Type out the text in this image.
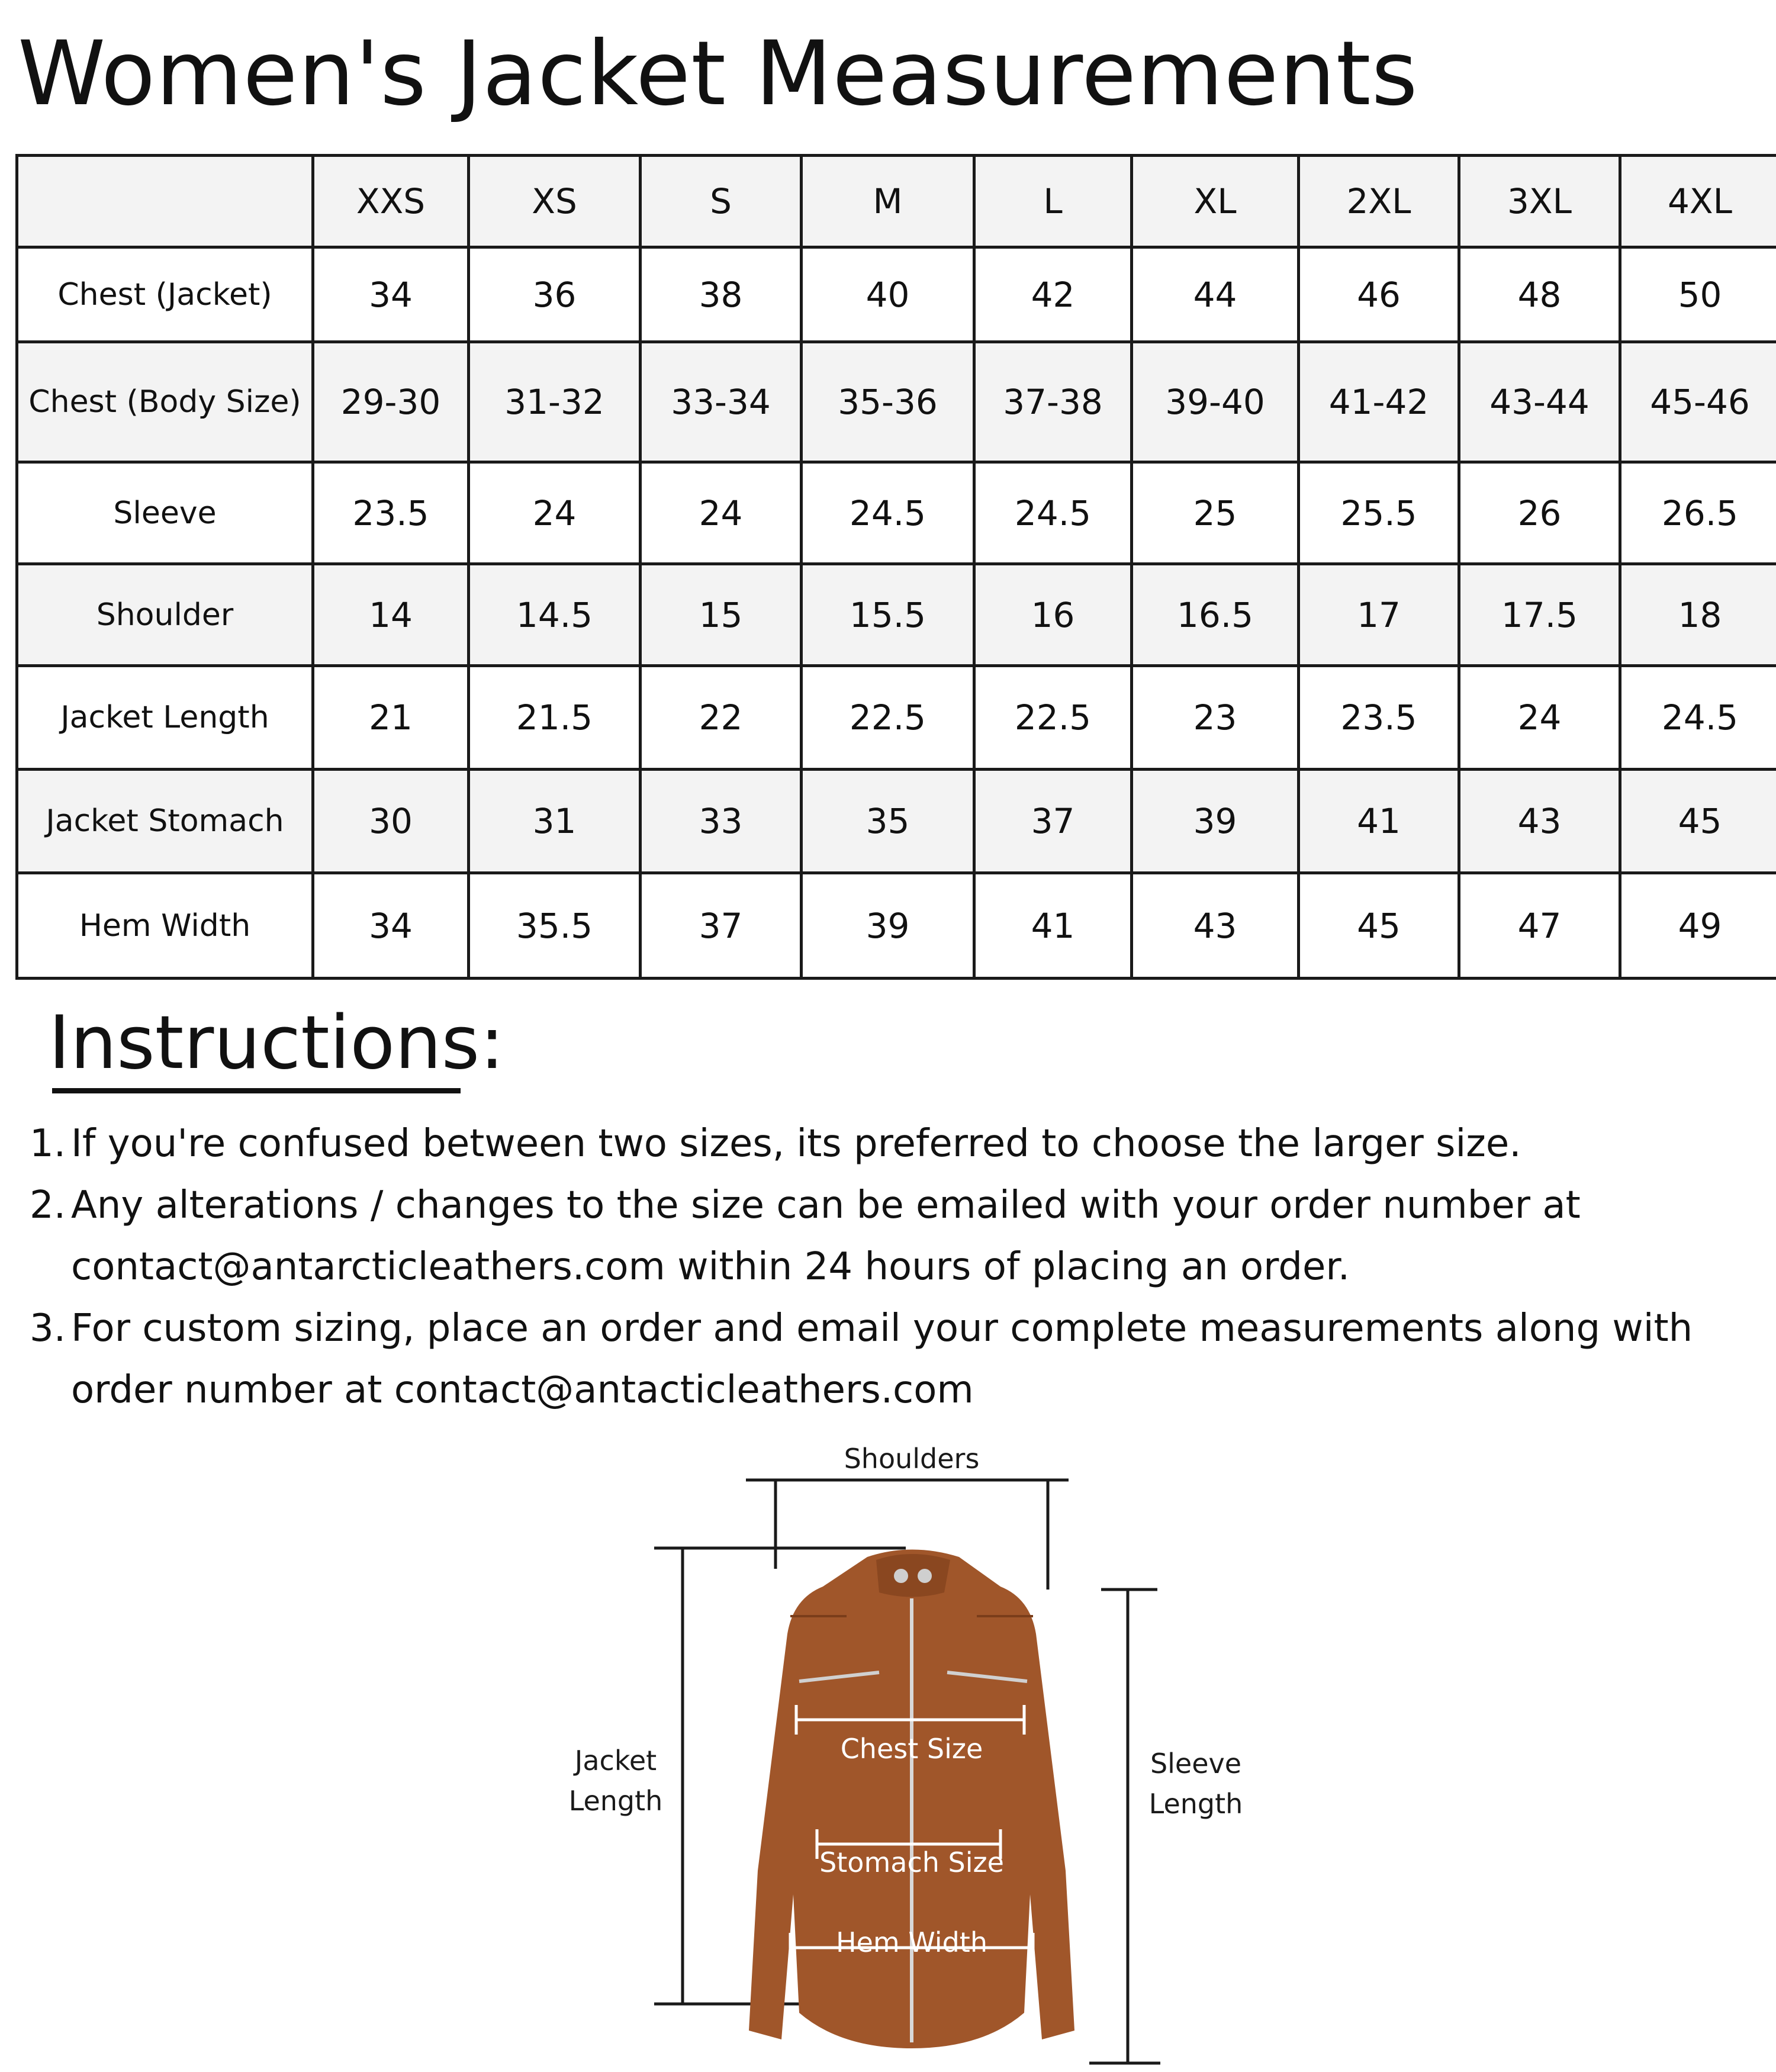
Women's Jacket Measurements
	XXS	XS	S	M	L	XL	2XL	3XL	4XL
Chest (Jacket)	34	36	38	40	42	44	46	48	50
Chest (Body Size)	29-30	31-32	33-34	35-36	37-38	39-40	41-42	43-44	45-46
Sleeve	23.5	24	24	24.5	24.5	25	25.5	26	26.5
Shoulder	14	14.5	15	15.5	16	16.5	17	17.5	18
Jacket Length	21	21.5	22	22.5	22.5	23	23.5	24	24.5
Jacket Stomach	30	31	33	35	37	39	41	43	45
Hem Width	34	35.5	37	39	41	43	45	47	49
Instructions:
1. If you're confused between two sizes, its preferred to choose the larger size.
2. Any alterations / changes to the size can be emailed with your order number at
contact@antarcticleathers.com within 24 hours of placing an order.
3. For custom sizing, place an order and email your complete measurements along with
order number at contact@antacticleathers.com
Shoulders
Jacket
Length
Sleeve
Length
Chest Size
Stomach Size
Hem Width
